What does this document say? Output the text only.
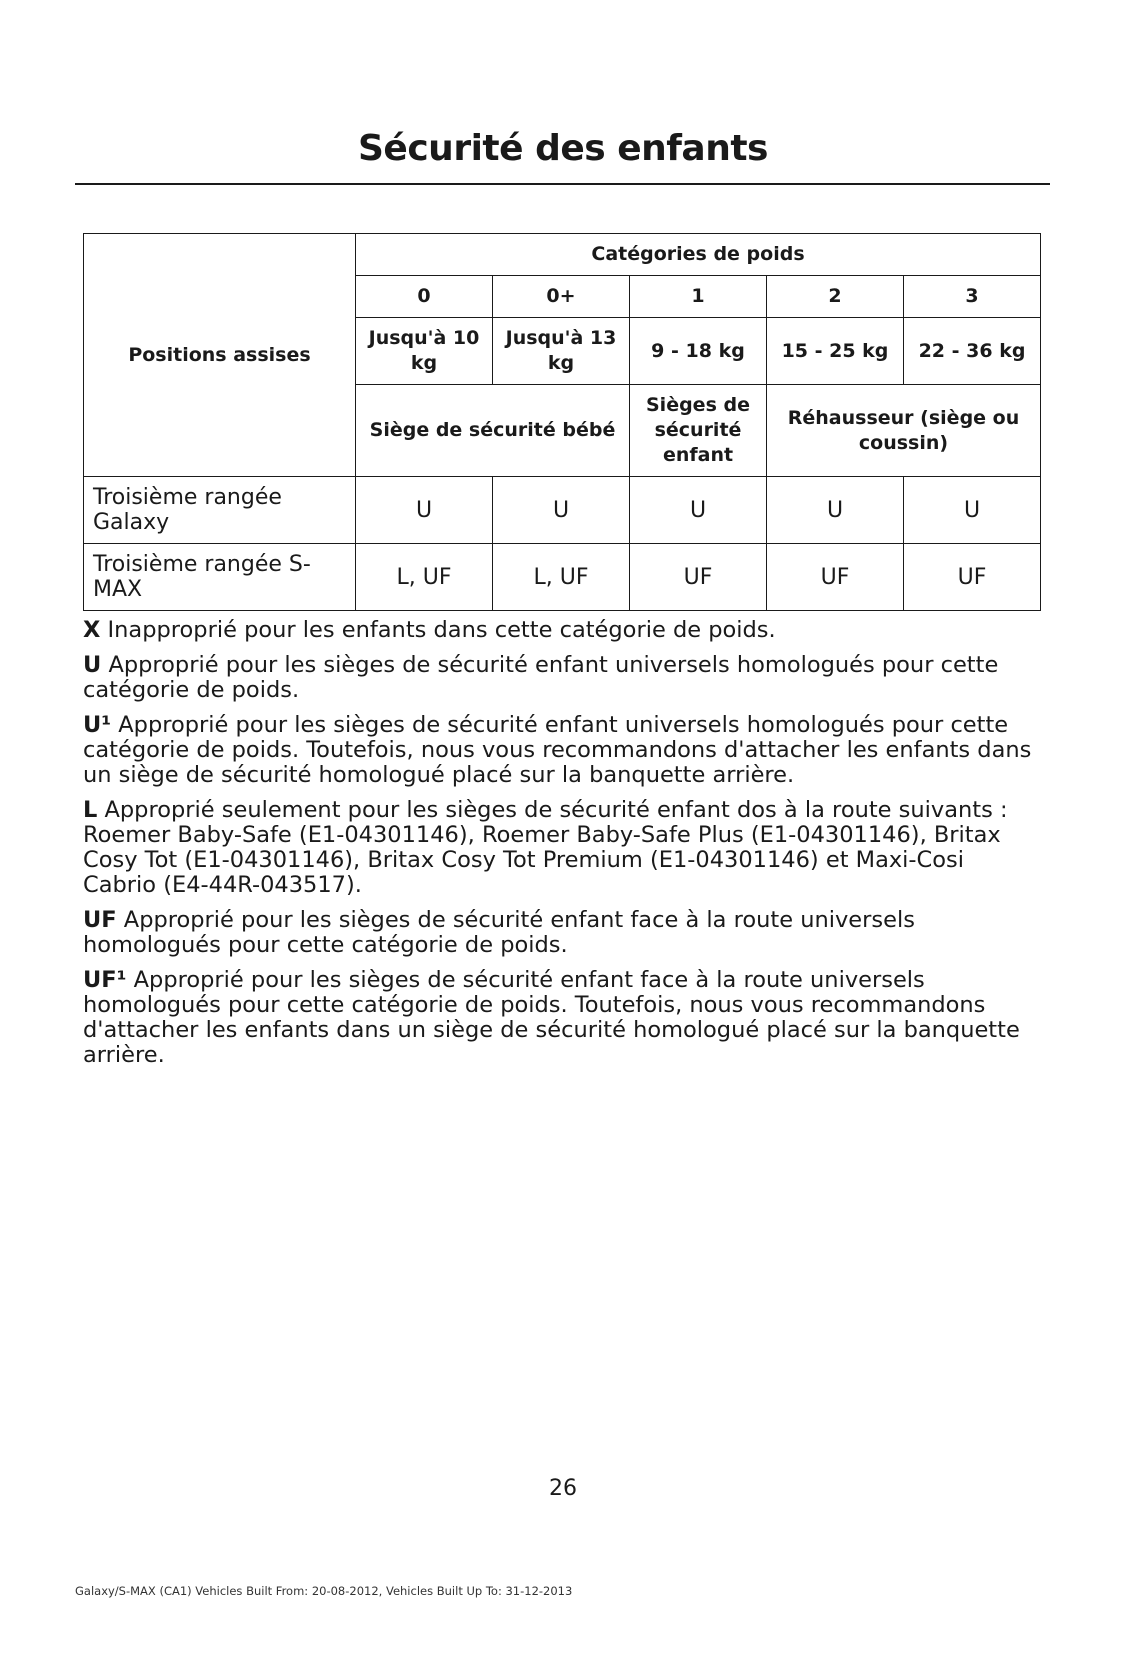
Sécurité des enfants
Positions assises	Catégories de poids				
	0	0+	1	2	3
	Jusqu'à 10 kg	Jusqu'à 13 kg	9 - 18 kg	15 - 25 kg	22 - 36 kg
	Siège de sécurité bébé		Sièges de sécurité enfant	Réhausseur (siège ou coussin)	
Troisième rangée Galaxy	U	U	U	U	U
Troisième rangée S-MAX	L, UF	L, UF	UF	UF	UF

X Inapproprié pour les enfants dans cette catégorie de poids.

U Approprié pour les sièges de sécurité enfant universels homologués pour cette catégorie de poids.

U¹ Approprié pour les sièges de sécurité enfant universels homologués pour cette catégorie de poids. Toutefois, nous vous recommandons d'attacher les enfants dans un siège de sécurité homologué placé sur la banquette arrière.

L Approprié seulement pour les sièges de sécurité enfant dos à la route suivants : Roemer Baby-Safe (E1-04301146), Roemer Baby-Safe Plus (E1-04301146), Britax Cosy Tot (E1-04301146), Britax Cosy Tot Premium (E1-04301146) et Maxi-Cosi Cabrio (E4-44R-043517).

UF Approprié pour les sièges de sécurité enfant face à la route universels homologués pour cette catégorie de poids.

UF¹ Approprié pour les sièges de sécurité enfant face à la route universels homologués pour cette catégorie de poids. Toutefois, nous vous recommandons d'attacher les enfants dans un siège de sécurité homologué placé sur la banquette arrière.

26
Galaxy/S-MAX (CA1) Vehicles Built From: 20-08-2012, Vehicles Built Up To: 31-12-2013
